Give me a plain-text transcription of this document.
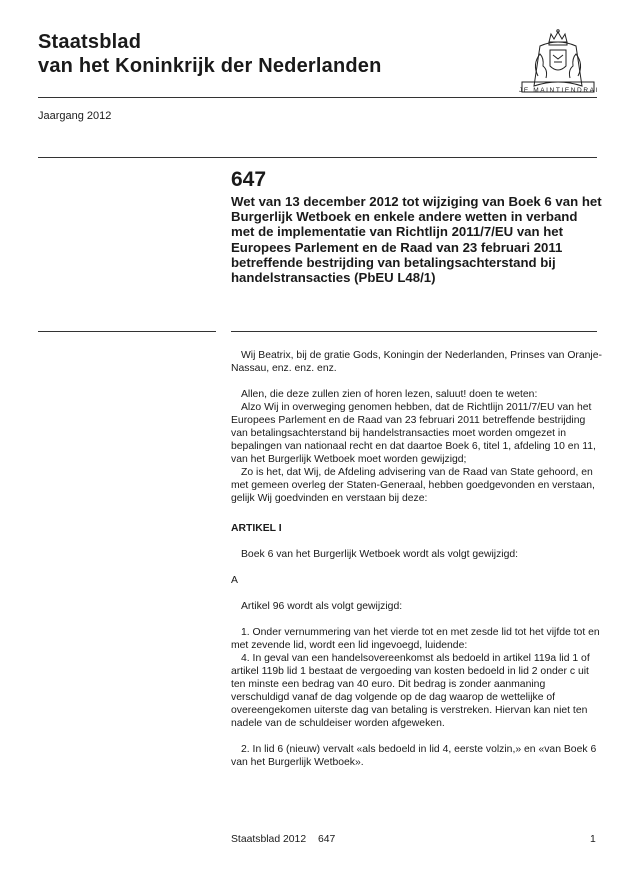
Staatsblad
van het Koninkrijk der Nederlanden
JE MAINTIENDRAI
Jaargang 2012
647
Wet van 13 december 2012 tot wijziging van Boek 6 van het Burgerlijk Wetboek en enkele andere wetten in verband met de implementatie van Richtlijn 2011/7/EU van het Europees Parlement en de Raad van 23 februari 2011 betreffende bestrijding van betalingsachterstand bij handelstransacties (PbEU L48/1)

Wij Beatrix, bij de gratie Gods, Koningin der Nederlanden, Prinses van Oranje-Nassau, enz. enz. enz.

Allen, die deze zullen zien of horen lezen, saluut! doen te weten:

Alzo Wij in overweging genomen hebben, dat de Richtlijn 2011/7/EU van het Europees Parlement en de Raad van 23 februari 2011 betreffende bestrijding van betalingsachterstand bij handelstransacties moet worden omgezet in bepalingen van nationaal recht en dat daartoe Boek 6, titel 1, afdeling 10 en 11, van het Burgerlijk Wetboek moet worden gewijzigd;

Zo is het, dat Wij, de Afdeling advisering van de Raad van State gehoord, en met gemeen overleg der Staten-Generaal, hebben goedgevonden en verstaan, gelijk Wij goedvinden en verstaan bij deze:

ARTIKEL I

Boek 6 van het Burgerlijk Wetboek wordt als volgt gewijzigd:

A

Artikel 96 wordt als volgt gewijzigd:

1. Onder vernummering van het vierde tot en met zesde lid tot het vijfde tot en met zevende lid, wordt een lid ingevoegd, luidende:

4. In geval van een handelsovereenkomst als bedoeld in artikel 119a lid 1 of artikel 119b lid 1 bestaat de vergoeding van kosten bedoeld in lid 2 onder c uit ten minste een bedrag van 40 euro. Dit bedrag is zonder aanmaning verschuldigd vanaf de dag volgende op de dag waarop de wettelijke of overeengekomen uiterste dag van betaling is verstreken. Hiervan kan niet ten nadele van de schuldeiser worden afgeweken.

2. In lid 6 (nieuw) vervalt «als bedoeld in lid 4, eerste volzin,» en «van Boek 6 van het Burgerlijk Wetboek».

Staatsblad 2012 647	1
